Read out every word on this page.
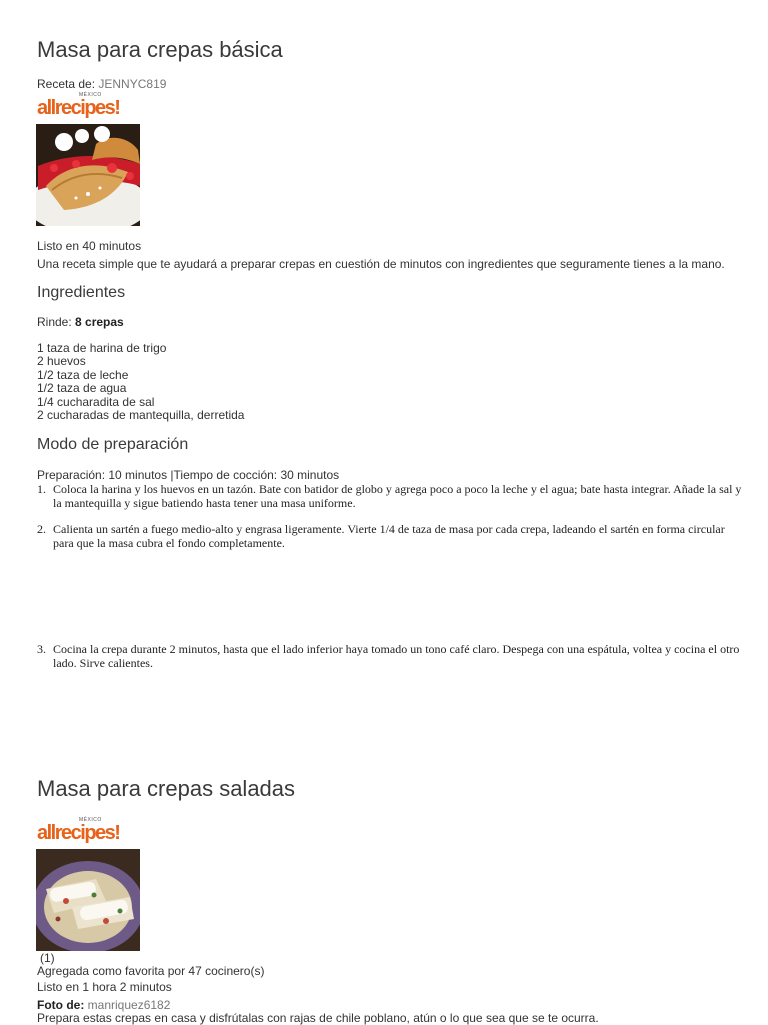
Masa para crepas básica
Receta de: JENNYC819
MÉXICO
allrecipes!
Listo en 40 minutos
Una receta simple que te ayudará a preparar crepas en cuestión de minutos con ingredientes que seguramente tienes a la mano.
Ingredientes
Rinde: 8 crepas
1 taza de harina de trigo
2 huevos
1/2 taza de leche
1/2 taza de agua
1/4 cucharadita de sal
2 cucharadas de mantequilla, derretida
Modo de preparación
Preparación: 10 minutos |Tiempo de cocción: 30 minutos
1. Coloca la harina y los huevos en un tazón. Bate con batidor de globo y agrega poco a poco la leche y el agua; bate hasta integrar. Añade la sal y la mantequilla y sigue batiendo hasta tener una masa uniforme.
2. Calienta un sartén a fuego medio-alto y engrasa ligeramente. Vierte 1/4 de taza de masa por cada crepa, ladeando el sartén en forma circular para que la masa cubra el fondo completamente.
3. Cocina la crepa durante 2 minutos, hasta que el lado inferior haya tomado un tono café claro. Despega con una espátula, voltea y cocina el otro lado. Sirve calientes.
Masa para crepas saladas
MÉXICO
allrecipes!
(1)
Agregada como favorita por 47 cocinero(s)
Listo en 1 hora 2 minutos
Foto de: manriquez6182
Prepara estas crepas en casa y disfrútalas con rajas de chile poblano, atún o lo que sea que se te ocurra.
